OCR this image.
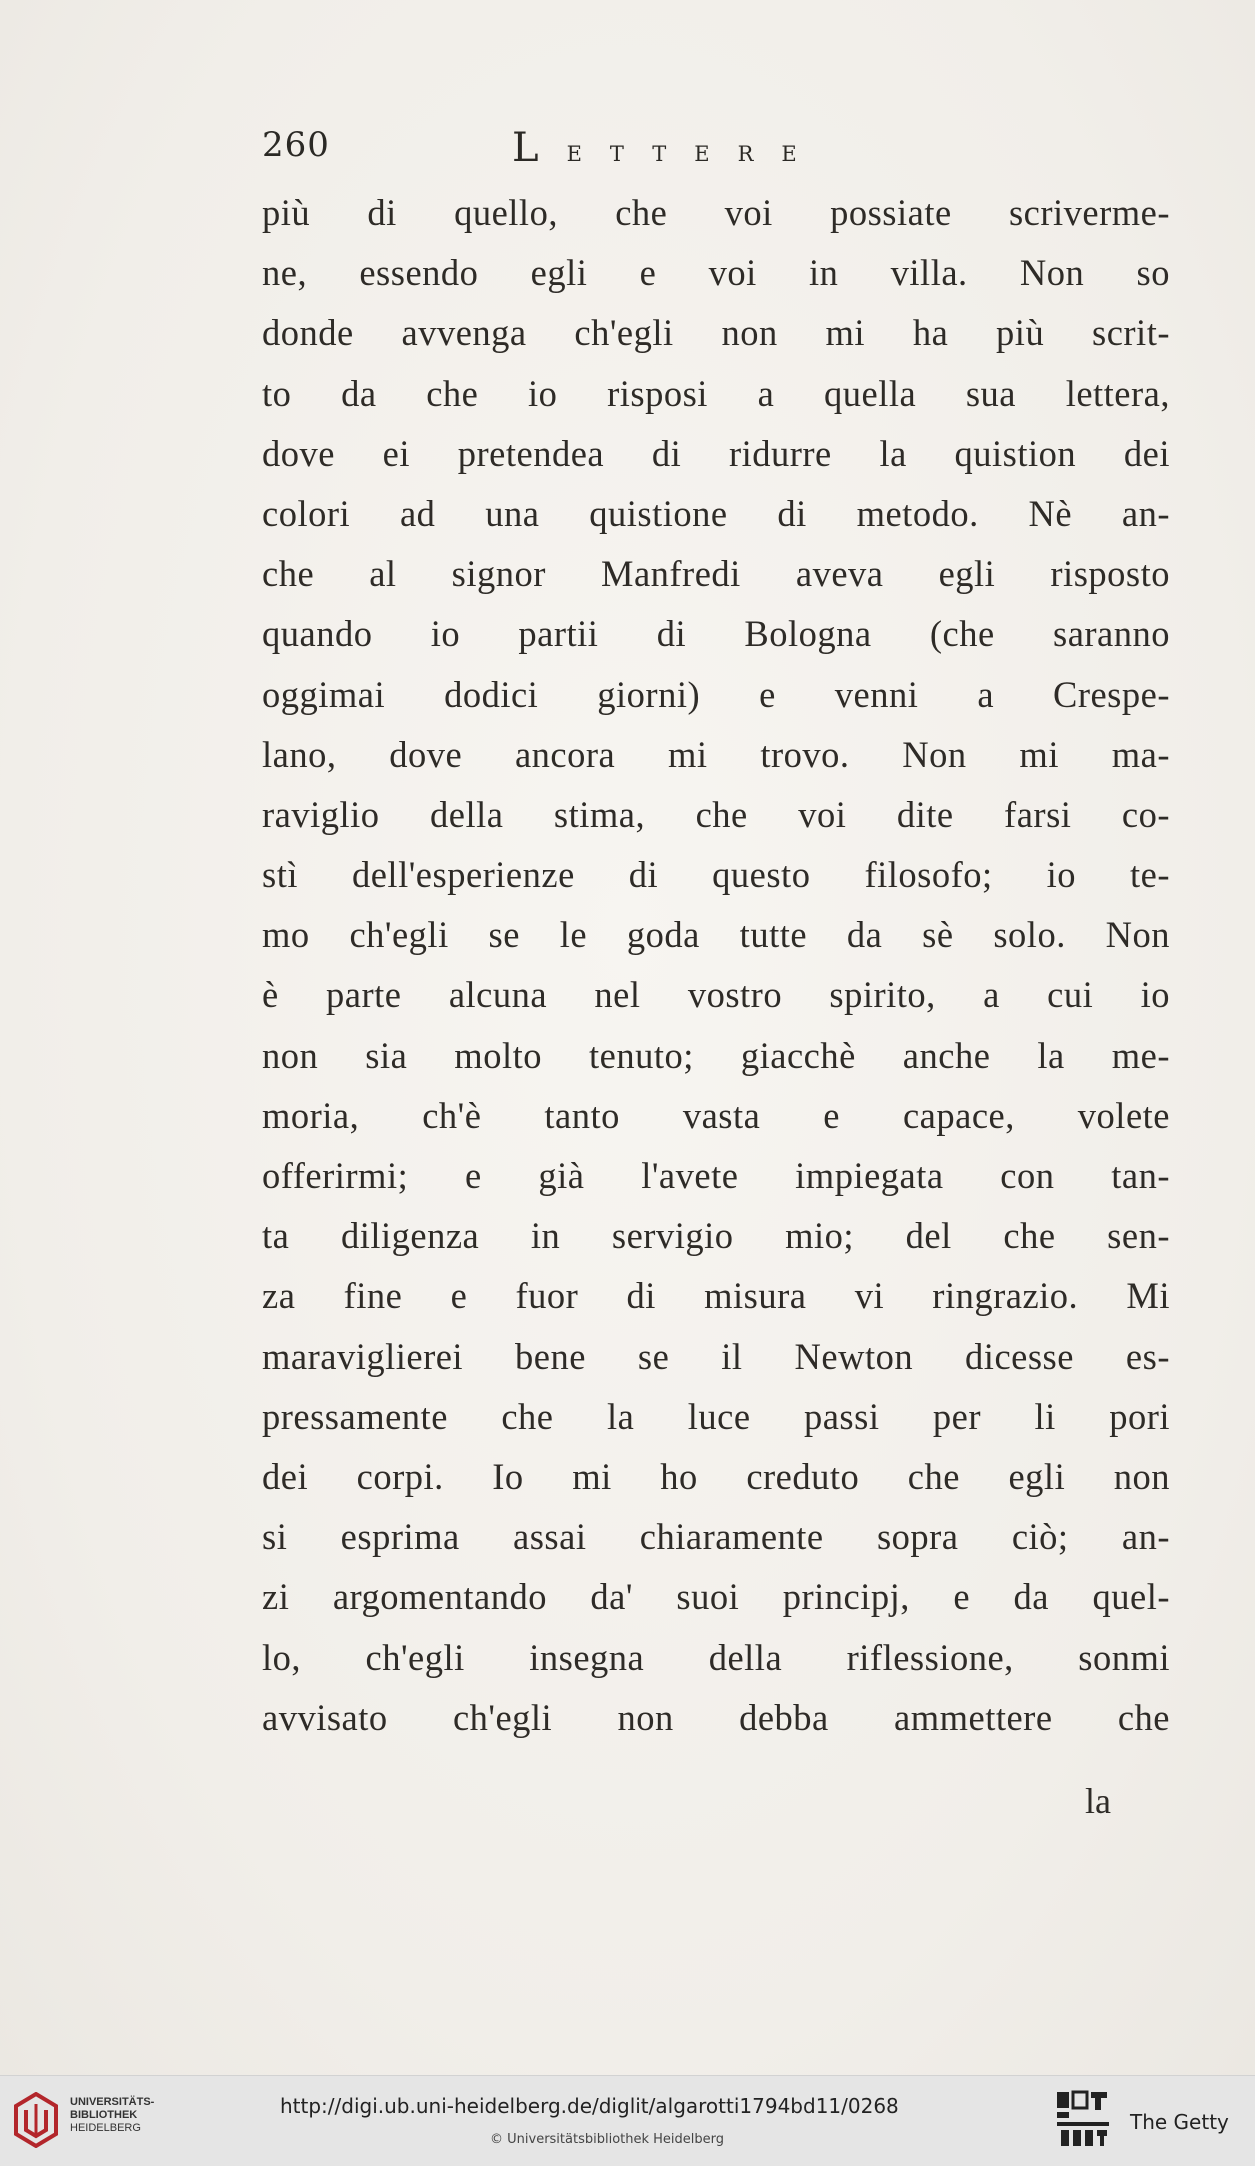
260	Lettere
più di quello, che voi possiate scriverme-
ne, essendo egli e voi in villa. Non so
donde avvenga ch'egli non mi ha più scrit-
to da che io risposi a quella sua lettera,
dove ei pretendea di ridurre la quistion dei
colori ad una quistione di metodo. Nè an-
che al signor Manfredi aveva egli risposto
quando io partii di Bologna (che saranno
oggimai dodici giorni) e venni a Crespe-
lano, dove ancora mi trovo. Non mi ma-
raviglio della stima, che voi dite farsi co-
stì dell'esperienze di questo filosofo; io te-
mo ch'egli se le goda tutte da sè solo. Non
è parte alcuna nel vostro spirito, a cui io
non sia molto tenuto; giacchè anche la me-
moria, ch'è tanto vasta e capace, volete
offerirmi; e già l'avete impiegata con tan-
ta diligenza in servigio mio; del che sen-
za fine e fuor di misura vi ringrazio. Mi
maraviglierei bene se il Newton dicesse es-
pressamente che la luce passi per li pori
dei corpi. Io mi ho creduto che egli non
si esprima assai chiaramente sopra ciò; an-
zi argomentando da' suoi principj, e da quel-
lo, ch'egli insegna della riflessione, sonmi
avvisato ch'egli non debba ammettere che
la
UNIVERSITÄTS-
BIBLIOTHEK
HEIDELBERG
http://digi.ub.uni-heidelberg.de/diglit/algarotti1794bd11/0268
© Universitätsbibliothek Heidelberg
The Getty
